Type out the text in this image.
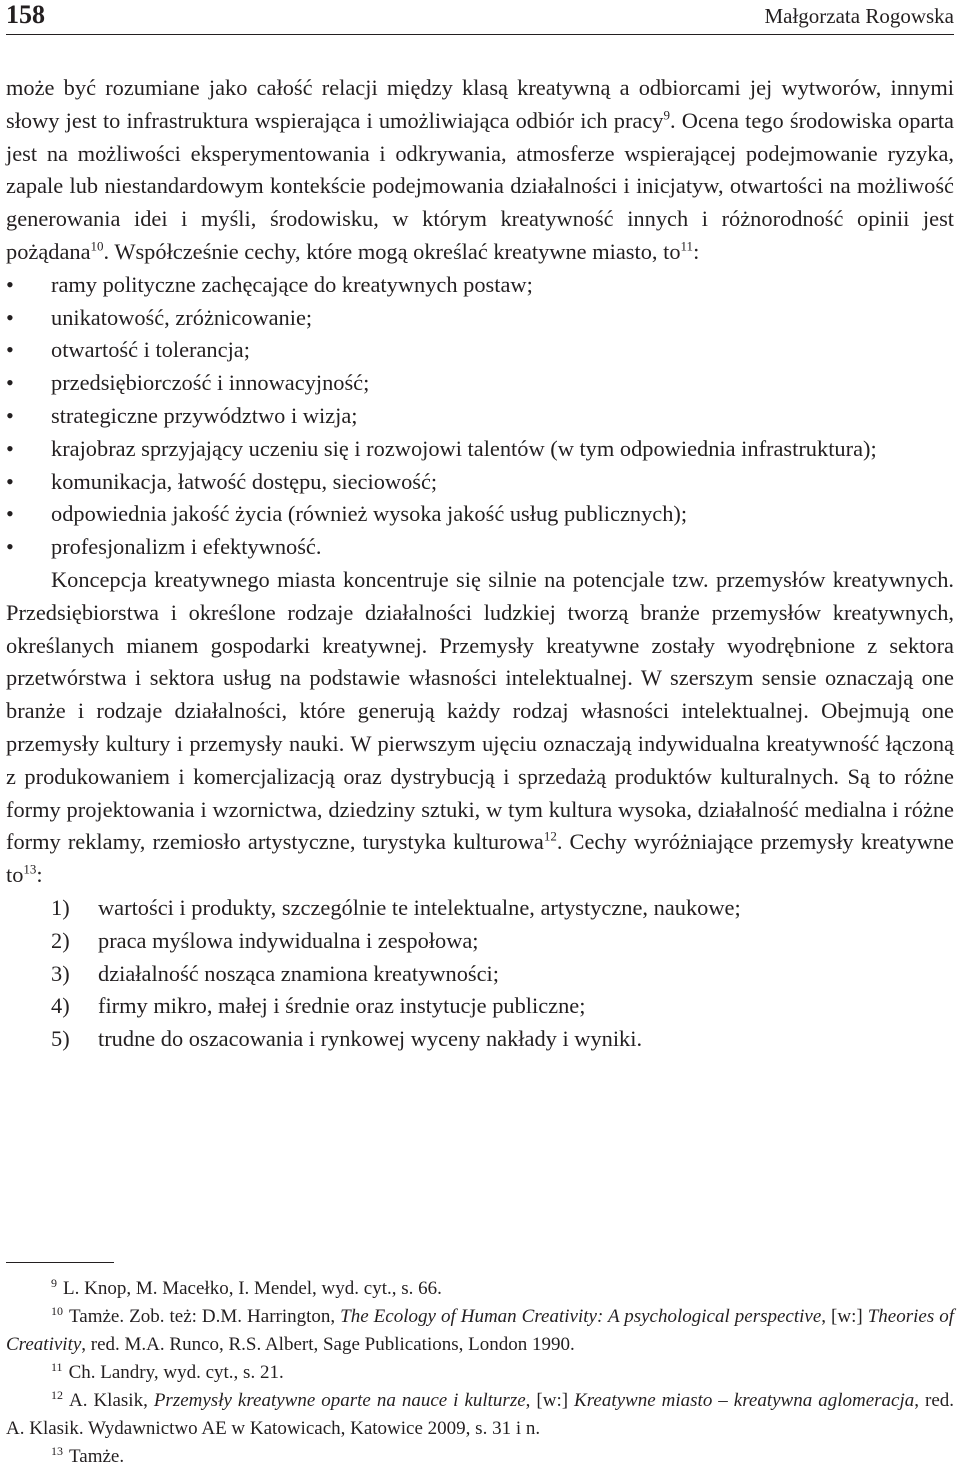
158	Małgorzata Rogowska

może być rozumiane jako całość relacji między klasą kreatywną a odbiorcami jej wytworów, innymi słowy jest to infrastruktura wspierająca i umożliwiająca odbiór ich pracy$^9$. Ocena tego środowiska oparta jest na możliwości eksperymentowania i odkrywania, atmosferze wspierającej podejmowanie ryzyka, zapale lub niestandardowym kontekście podejmowania działalności i inicjatyw, otwartości na możliwość generowania idei i myśli, środowisku, w którym kreatywność innych i różnorodność opinii jest pożądana$^{10}$. Współcześnie cechy, które mogą określać kreatywne miasto, $to^{11}$:

• ramy polityczne zachęcające do kreatywnych postaw;
• unikatowość, zróżnicowanie;
• otwartość i tolerancja;
• przedsiębiorczość i innowacyjność;
• strategiczne przywództwo i wizja;
• krajobraz sprzyjający uczeniu się i rozwojowi talentów (w tym odpowiednia infrastruktura);
• komunikacja, łatwość dostępu, sieciowość;
• odpowiednia jakość życia (również wysoka jakość usług publicznych);
• profesjonalizm i efektywność.

Koncepcja kreatywnego miasta koncentruje się silnie na potencjale tzw. przemysłów kreatywnych. Przedsiębiorstwa i określone rodzaje działalności ludzkiej tworzą branże przemysłów kreatywnych, określanych mianem gospodarki kreatywnej. Przemysły kreatywne zostały wyodrębnione z sektora przetwórstwa i sektora usług na podstawie własności intelektualnej. W szerszym sensie oznaczają one branże i rodzaje działalności, które generują każdy rodzaj własności intelektualnej. Obejmują one przemysły kultury i przemysły nauki. W pierwszym ujęciu oznaczają indywidualna kreatywność łączoną z produkowaniem i komercjalizacją oraz dystrybucją i sprzedażą produktów kulturalnych. Są to różne formy projektowania i wzornictwa, dziedziny sztuki, w tym kultura wysoka, działalność medialna i różne formy reklamy, rzemiosło artystyczne, turystyka kulturowa$^{12}$. Cechy wyróżniające przemysły kreatywne $to^{13}$:

1) wartości i produkty, szczególnie te intelektualne, artystyczne, naukowe;
2) praca myślowa indywidualna i zespołowa;
3) działalność nosząca znamiona kreatywności;
4) firmy mikro, małej i średnie oraz instytucje publiczne;
5) trudne do oszacowania i rynkowej wyceny nakłady i wyniki.

$^9$ L. Knop, M. Macełko, I. Mendel, wyd. cyt., s. 66.

$^{10}$ Tamże. Zob. też: D.M. Harrington, The Ecology of Human Creativity: A psychological perspective, [w:] Theories of Creativity, red. M.A. Runco, R.S. Albert, Sage Publications, London 1990.

$^{11}$ Ch. Landry, wyd. cyt., s. 21.

$^{12}$ A. Klasik, Przemysły kreatywne oparte na nauce i kulturze, [w:] Kreatywne miasto – kreatywna aglomeracja, red. A. Klasik. Wydawnictwo AE w Katowicach, Katowice 2009, s. 31 i n.

$^{13}$ Tamże.
